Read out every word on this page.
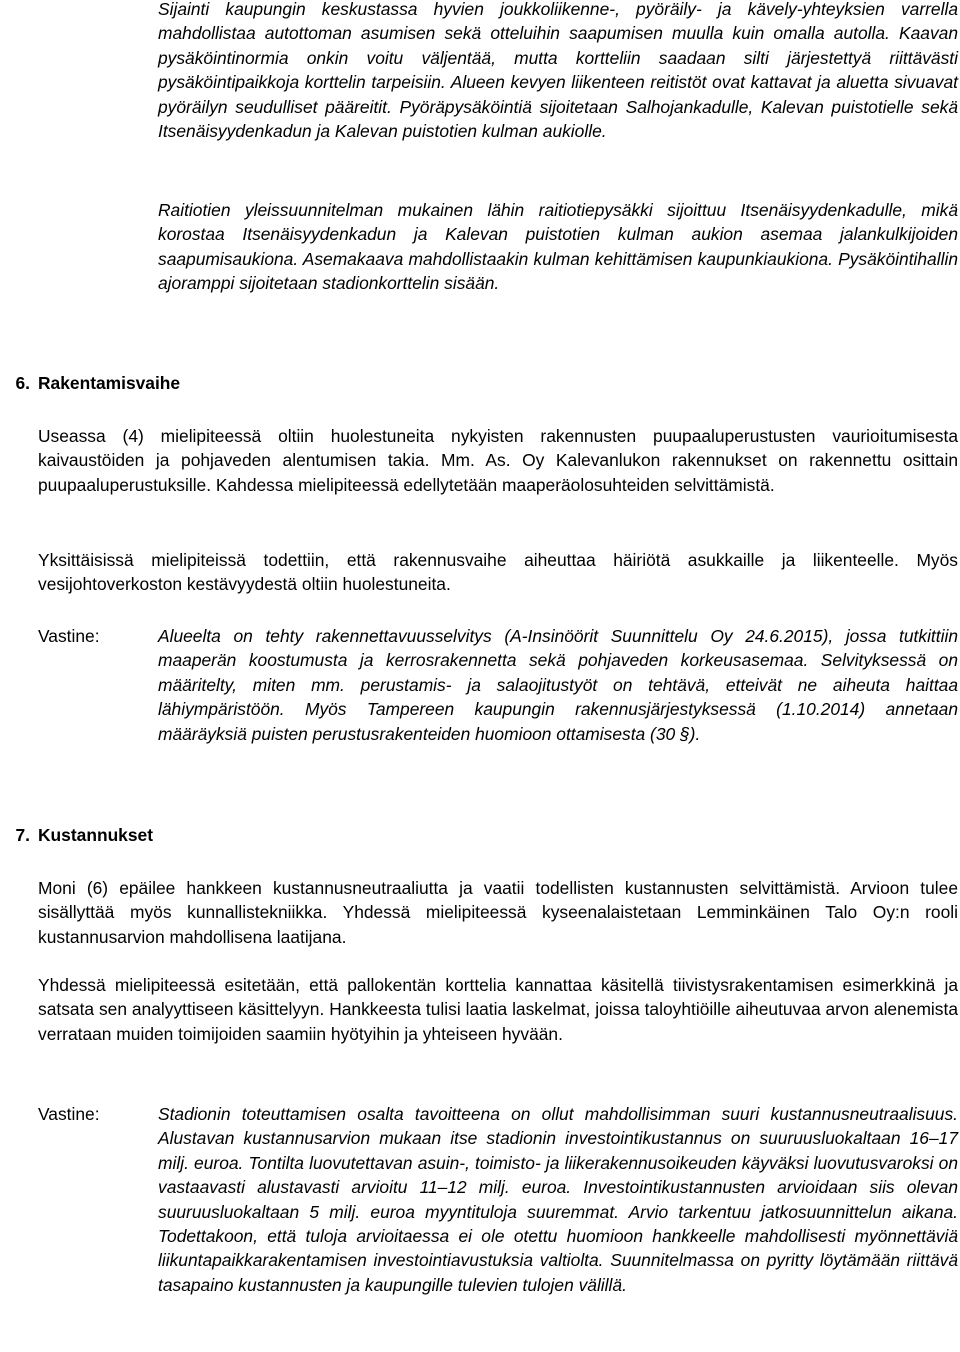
Sijainti kaupungin keskustassa hyvien joukkoliikenne-, pyöräily- ja kävely-yhteyksien varrella mahdollistaa autottoman asumisen sekä otteluihin saapumisen muulla kuin omalla autolla. Kaavan pysäköintinormia onkin voitu väljentää, mutta kortteliin saadaan silti järjestettyä riittävästi pysäköintipaikkoja korttelin tarpeisiin. Alueen kevyen liikenteen reitistöt ovat kattavat ja aluetta sivuavat pyöräilyn seudulliset pääreitit. Pyöräpysäköintiä sijoitetaan Salhojankadulle, Kalevan puistotielle sekä Itsenäisyydenkadun ja Kalevan puistotien kulman aukiolle.

Raitiotien yleissuunnitelman mukainen lähin raitiotiepysäkki sijoittuu Itsenäisyydenkadulle, mikä korostaa Itsenäisyydenkadun ja Kalevan puistotien kulman aukion asemaa jalankulkijoiden saapumisaukiona. Asemakaava mahdollistaakin kulman kehittämisen kaupunkiaukiona. Pysäköintihallin ajoramppi sijoitetaan stadionkorttelin sisään.

6. Rakentamisvaihe

Useassa (4) mielipiteessä oltiin huolestuneita nykyisten rakennusten puupaaluperustusten vaurioitumisesta kaivaustöiden ja pohjaveden alentumisen takia. Mm. As. Oy Kalevanlukon rakennukset on rakennettu osittain puupaaluperustuksille. Kahdessa mielipiteessä edellytetään maaperäolosuhteiden selvittämistä.

Yksittäisissä mielipiteissä todettiin, että rakennusvaihe aiheuttaa häiriötä asukkaille ja liikenteelle. Myös vesijohtoverkoston kestävyydestä oltiin huolestuneita.

Vastine:	Alueelta on tehty rakennettavuusselvitys (A-Insinöörit Suunnittelu Oy 24.6.2015), jossa tutkittiin maaperän koostumusta ja kerrosrakennetta sekä pohjaveden korkeusasemaa. Selvityksessä on määritelty, miten mm. perustamis- ja salaojitustyöt on tehtävä, etteivät ne aiheuta haittaa lähiympäristöön. Myös Tampereen kaupungin rakennusjärjestyksessä (1.10.2014) annetaan määräyksiä puisten perustusrakenteiden huomioon ottamisesta (30 §).

7. Kustannukset

Moni (6) epäilee hankkeen kustannusneutraaliutta ja vaatii todellisten kustannusten selvittämistä. Arvioon tulee sisällyttää myös kunnallistekniikka. Yhdessä mielipiteessä kyseenalaistetaan Lemminkäinen Talo Oy:n rooli kustannusarvion mahdollisena laatijana.

Yhdessä mielipiteessä esitetään, että pallokentän korttelia kannattaa käsitellä tiivistysrakentamisen esimerkkinä ja satsata sen analyyttiseen käsittelyyn. Hankkeesta tulisi laatia laskelmat, joissa taloyhtiöille aiheutuvaa arvon alenemista verrataan muiden toimijoiden saamiin hyötyihin ja yhteiseen hyvään.

Vastine:	Stadionin toteuttamisen osalta tavoitteena on ollut mahdollisimman suuri kustannusneutraalisuus. Alustavan kustannusarvion mukaan itse stadionin investointikustannus on suuruusluokaltaan 16–17 milj. euroa. Tontilta luovutettavan asuin-, toimisto- ja liikerakennusoikeuden käyväksi luovutusvaroksi on vastaavasti alustavasti arvioitu 11–12 milj. euroa. Investointikustannusten arvioidaan siis olevan suuruusluokaltaan 5 milj. euroa myyntituloja suuremmat. Arvio tarkentuu jatkosuunnittelun aikana. Todettakoon, että tuloja arvioitaessa ei ole otettu huomioon hankkeelle mahdollisesti myönnettäviä liikuntapaikkarakentamisen investointiavustuksia valtiolta. Suunnitelmassa on pyritty löytämään riittävä tasapaino kustannusten ja kaupungille tulevien tulojen välillä.
